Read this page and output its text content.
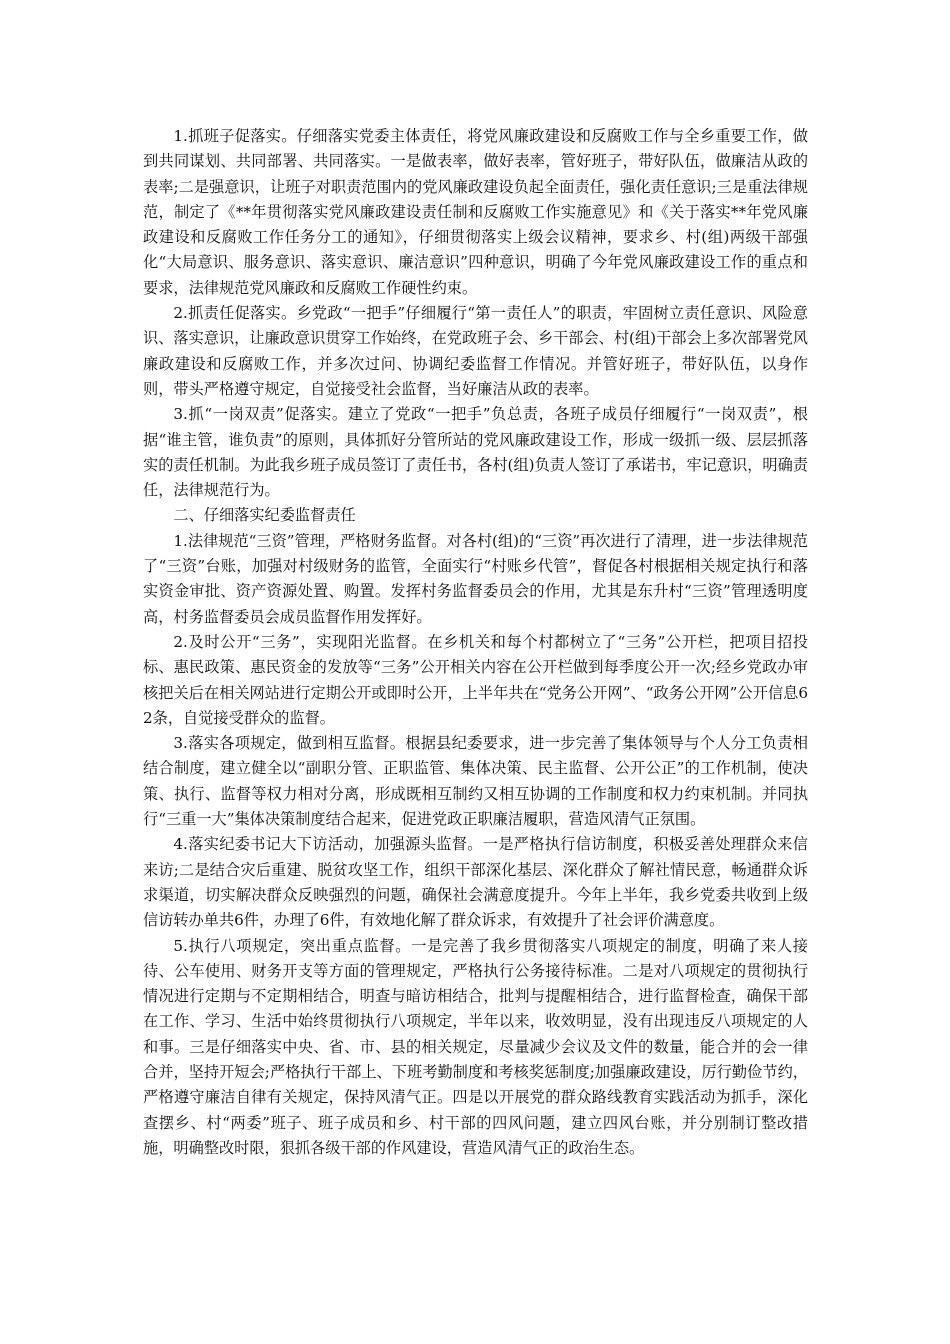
1.抓班子促落实。仔细落实党委主体责任，将党风廉政建设和反腐败工作与全乡重要工作，做到共同谋划、共同部署、共同落实。一是做表率，做好表率，管好班子，带好队伍，做廉洁从政的表率;二是强意识，让班子对职责范围内的党风廉政建设负起全面责任，强化责任意识;三是重法律规范，制定了《**年贯彻落实党风廉政建设责任制和反腐败工作实施意见》和《关于落实**年党风廉政建设和反腐败工作任务分工的通知》，仔细贯彻落实上级会议精神，要求乡、村(组)两级干部强化“大局意识、服务意识、落实意识、廉洁意识”四种意识，明确了今年党风廉政建设工作的重点和要求，法律规范党风廉政和反腐败工作硬性约束。

2.抓责任促落实。乡党政“一把手”仔细履行“第一责任人”的职责，牢固树立责任意识、风险意识、落实意识，让廉政意识贯穿工作始终，在党政班子会、乡干部会、村(组)干部会上多次部署党风廉政建设和反腐败工作，并多次过问、协调纪委监督工作情况。并管好班子，带好队伍，以身作则，带头严格遵守规定，自觉接受社会监督，当好廉洁从政的表率。

3.抓“一岗双责”促落实。建立了党政“一把手”负总责，各班子成员仔细履行“一岗双责”，根据“谁主管，谁负责”的原则，具体抓好分管所站的党风廉政建设工作，形成一级抓一级、层层抓落实的责任机制。为此我乡班子成员签订了责任书，各村(组)负责人签订了承诺书，牢记意识，明确责任，法律规范行为。

二、仔细落实纪委监督责任

1.法律规范“三资”管理，严格财务监督。对各村(组)的“三资”再次进行了清理，进一步法律规范了“三资”台账，加强对村级财务的监管，全面实行“村账乡代管”，督促各村根据相关规定执行和落实资金审批、资产资源处置、购置。发挥村务监督委员会的作用，尤其是东升村“三资”管理透明度高，村务监督委员会成员监督作用发挥好。

2.及时公开“三务”，实现阳光监督。在乡机关和每个村都树立了“三务”公开栏，把项目招投标、惠民政策、惠民资金的发放等“三务”公开相关内容在公开栏做到每季度公开一次;经乡党政办审核把关后在相关网站进行定期公开或即时公开，上半年共在“党务公开网”、“政务公开网”公开信息62条，自觉接受群众的监督。

3.落实各项规定，做到相互监督。根据县纪委要求，进一步完善了集体领导与个人分工负责相结合制度，建立健全以“副职分管、正职监管、集体决策、民主监督、公开公正”的工作机制，使决策、执行、监督等权力相对分离，形成既相互制约又相互协调的工作制度和权力约束机制。并同执行“三重一大”集体决策制度结合起来，促进党政正职廉洁履职，营造风清气正氛围。

4.落实纪委书记大下访活动，加强源头监督。一是严格执行信访制度，积极妥善处理群众来信来访;二是结合灾后重建、脱贫攻坚工作，组织干部深化基层、深化群众了解社情民意，畅通群众诉求渠道，切实解决群众反映强烈的问题，确保社会满意度提升。今年上半年，我乡党委共收到上级信访转办单共6件，办理了6件，有效地化解了群众诉求，有效提升了社会评价满意度。

5.执行八项规定，突出重点监督。一是完善了我乡贯彻落实八项规定的制度，明确了来人接待、公车使用、财务开支等方面的管理规定，严格执行公务接待标准。二是对八项规定的贯彻执行情况进行定期与不定期相结合，明查与暗访相结合，批判与提醒相结合，进行监督检查，确保干部在工作、学习、生活中始终贯彻执行八项规定，半年以来，收效明显，没有出现违反八项规定的人和事。三是仔细落实中央、省、市、县的相关规定，尽量减少会议及文件的数量，能合并的会一律合并，坚持开短会;严格执行干部上、下班考勤制度和考核奖惩制度;加强廉政建设，厉行勤俭节约，严格遵守廉洁自律有关规定，保持风清气正。四是以开展党的群众路线教育实践活动为抓手，深化查摆乡、村“两委”班子、班子成员和乡、村干部的四风问题，建立四风台账，并分别制订整改措施，明确整改时限，狠抓各级干部的作风建设，营造风清气正的政治生态。
